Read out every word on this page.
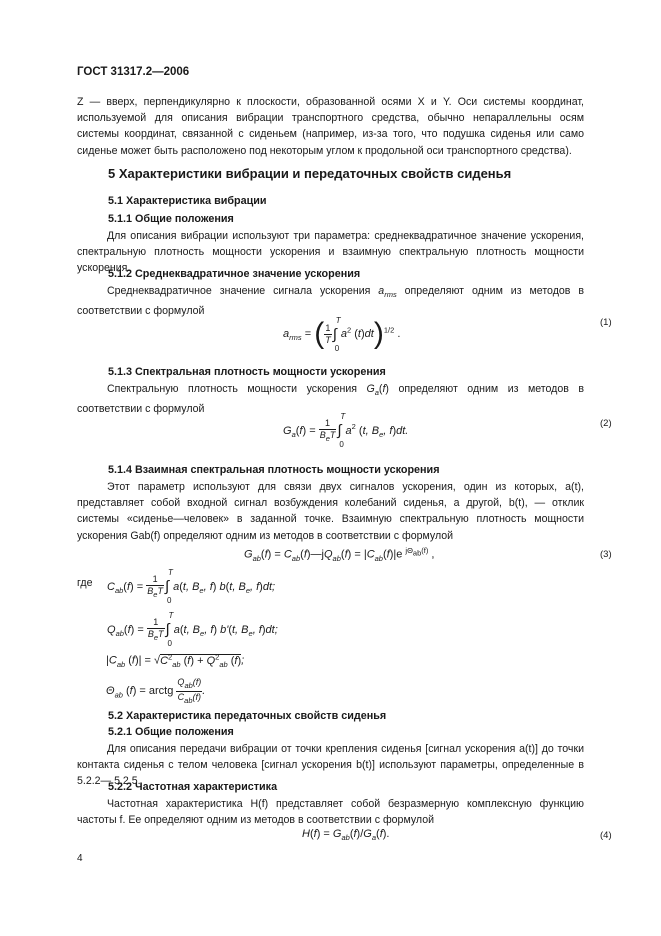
ГОСТ 31317.2—2006
Z — вверх, перпендикулярно к плоскости, образованной осями X и Y. Оси системы координат, используемой для описания вибрации транспортного средства, обычно непараллельны осям системы координат, связанной с сиденьем (например, из-за того, что подушка сиденья или само сиденье может быть расположено под некоторым углом к продольной оси транспортного средства).
5 Характеристики вибрации и передаточных свойств сиденья
5.1 Характеристика вибрации
5.1.1 Общие положения
Для описания вибрации используют три параметра: среднеквадратичное значение ускорения, спектральную плотность мощности ускорения и взаимную спектральную плотность мощности ускорения.
5.1.2 Среднеквадратичное значение ускорения
Среднеквадратичное значение сигнала ускорения $a_{rms}$ определяют одним из методов в соответствии с формулой
$a_{rms}$ = ( $\frac{1}{T}$ ∫
T
0
$a^2$ (t)dt)$^{1/2}$ .
(1)
5.1.3 Спектральная плотность мощности ускорения
Спектральную плотность мощности ускорения $G_a(f)$ определяют одним из методов в соответствии с формулой
$G_a(f) = \frac{1}{B_eT}$ ∫
T
0
$a^2$ (t, $B_e$, f)dt.
(2)
5.1.4 Взаимная спектральная плотность мощности ускорения
Этот параметр используют для связи двух сигналов ускорения, один из которых, a(t), представляет собой входной сигнал возбуждения колебаний сиденья, а другой, b(t), — отклик системы «сиденье—человек» в заданной точке. Взаимную спектральную плотность мощности ускорения Gab(f) определяют одним из методов в соответствии с формулой
$G_{ab}(f)$ = $C_{ab}(f)—jQ_{ab}(f) = |C_{ab}(f)|e$ $^{j\Theta_{ab}(f)}$ ,	(3)
где $C_{ab}(f) = \frac{1}{B_eT}$ ∫
T
0
a(t, $B_e$, f) b(t, $B_e$, f)dt;
$Q_{ab}(f) = \frac{1}{B_eT}$ ∫
T
0
a(t, $B_e$, f) b'(t, $B_e$, f)dt;
$|C_{ab}$ $(f)| = √C^2_{ab}$ $(f) + Q^2_{ab}$ (f);
$\Theta_{ab}$ (f) = arctg $\frac{Q_{ab}(f)}{C_{ab}(f)}$ .
5.2 Характеристика передаточных свойств сиденья
5.2.1 Общие положения
Для описания передачи вибрации от точки крепления сиденья [сигнал ускорения a(t)] до точки контакта сиденья с телом человека [сигнал ускорения b(t)] используют параметры, определенные в 5.2.2— 5.2.5.
5.2.2 Частотная характеристика
Частотная характеристика H(f) представляет собой безразмерную комплексную функцию частоты f. Ее определяют одним из методов в соответствии с формулой
$H(f) = G_{ab}(f)/G_a(f)$.	(4)
4
